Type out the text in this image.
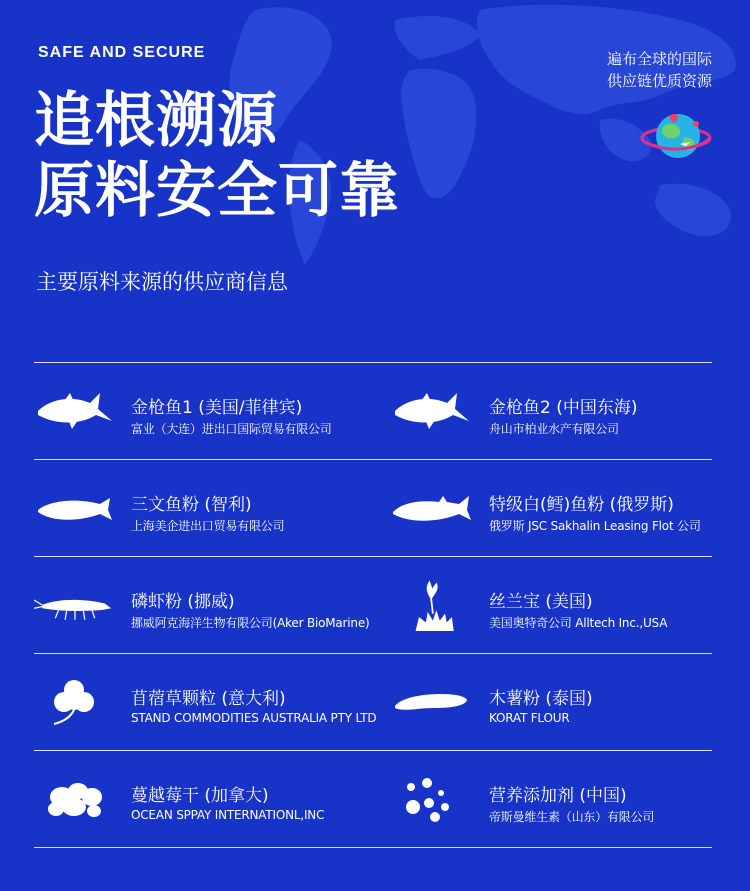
SAFE AND SECURE
追根溯源
原料安全可靠
遍布全球的国际
供应链优质资源
主要原料来源的供应商信息
金枪鱼1 (美国/菲律宾)
富业（大连）进出口国际贸易有限公司
金枪鱼2 (中国东海)
舟山市柏业水产有限公司
三文鱼粉 (智利)
上海美企进出口贸易有限公司
特级白(鳕)鱼粉 (俄罗斯)
俄罗斯 JSC Sakhalin Leasing Flot 公司
磷虾粉 (挪威)
挪威阿克海洋生物有限公司(Aker BioMarine)
丝兰宝 (美国)
美国奥特奇公司 Alltech Inc.,USA
苜蓿草颗粒 (意大利)
STAND COMMODITIES AUSTRALIA PTY LTD
木薯粉 (泰国)
KORAT FLOUR
蔓越莓干 (加拿大)
OCEAN SPPAY INTERNATIONL,INC
营养添加剂 (中国)
帝斯曼维生素（山东）有限公司
